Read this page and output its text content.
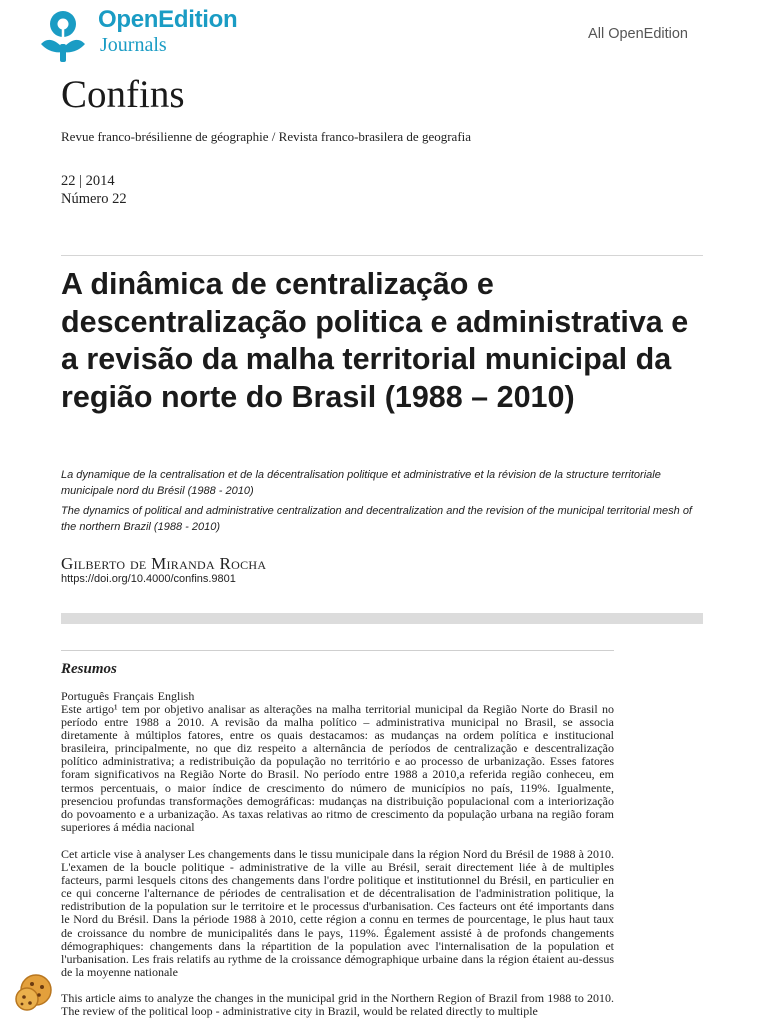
OpenEdition
Journals	All OpenEdition
Confins
Revue franco-brésilienne de géographie / Revista franco-brasilera de geografia
22 | 2014
Número 22
A dinâmica de centralização e descentralização politica e administrativa e a revisão da malha territorial municipal da região norte do Brasil (1988 – 2010)
La dynamique de la centralisation et de la décentralisation politique et administrative et la révision de la structure territoriale municipale nord du Brésil (1988 - 2010)
The dynamics of political and administrative centralization and decentralization and the revision of the municipal territorial mesh of the northern Brazil (1988 - 2010)
Gilberto de Miranda Rocha
https://doi.org/10.4000/confins.9801
Resumos
Português Français English

Este artigo¹ tem por objetivo analisar as alterações na malha territorial municipal da Região Norte do Brasil no período entre 1988 a 2010. A revisão da malha político – administrativa municipal no Brasil, se associa diretamente à múltiplos fatores, entre os quais destacamos: as mudanças na ordem política e institucional brasileira, principalmente, no que diz respeito a alternância de períodos de centralização e descentralização político administrativa; a redistribuição da população no território e ao processo de urbanização. Esses fatores foram significativos na Região Norte do Brasil. No período entre 1988 a 2010,a referida região conheceu, em termos percentuais, o maior índice de crescimento do número de municípios no país, 119%. Igualmente, presenciou profundas transformações demográficas: mudanças na distribuição populacional com a interiorização do povoamento e a urbanização. As taxas relativas ao ritmo de crescimento da população urbana na região foram superiores á média nacional

Cet article vise à analyser Les changements dans le tissu municipale dans la région Nord du Brésil de 1988 à 2010. L'examen de la boucle politique - administrative de la ville au Brésil, serait directement liée à de multiples facteurs, parmi lesquels citons des changements dans l'ordre politique et institutionnel du Brésil, en particulier en ce qui concerne l'alternance de périodes de centralisation et de décentralisation de l'administration politique, la redistribution de la population sur le territoire et le processus d'urbanisation. Ces facteurs ont été importants dans le Nord du Brésil. Dans la période 1988 à 2010, cette région a connu en termes de pourcentage, le plus haut taux de croissance du nombre de municipalités dans le pays, 119%. Également assisté à de profonds changements démographiques: changements dans la répartition de la population avec l'internalisation de la population et l'urbanisation. Les frais relatifs au rythme de la croissance démographique urbaine dans la région étaient au-dessus de la moyenne nationale

This article aims to analyze the changes in the municipal grid in the Northern Region of Brazil from 1988 to 2010. The review of the political loop - administrative city in Brazil, would be related directly to multiple
